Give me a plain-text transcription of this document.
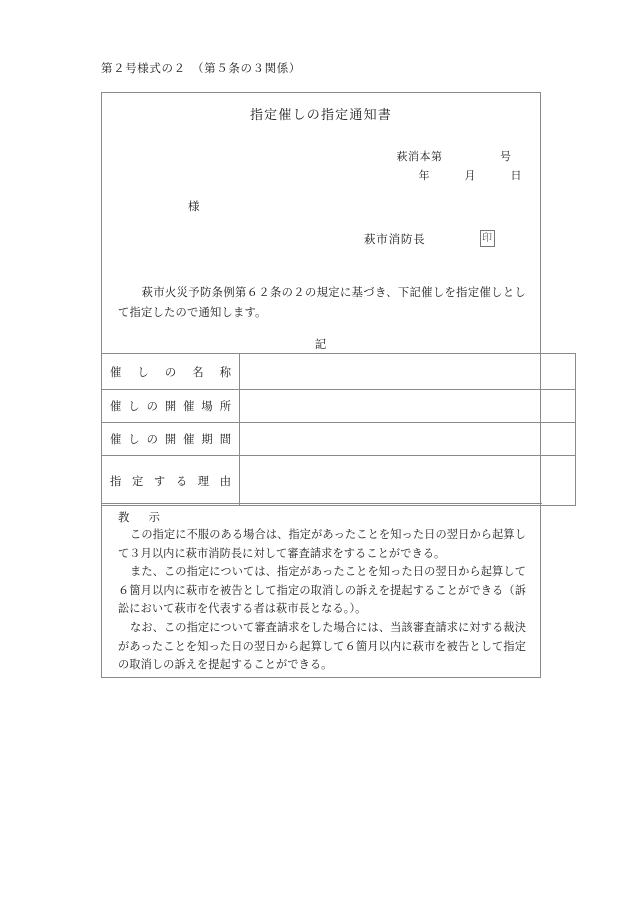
第２号様式の２　（第５条の３関係）
指定催しの指定通知書
萩消本第　　　　　号
年　　　月　　　日
様
萩市消防長	印
　萩市火災予防条例第６２条の２の規定に基づき、下記催しを指定催しとして指定したので通知します。
記
催しの名称	
催しの開催場所	
催しの開催期間	
指定する理由	
教　示

この指定に不服のある場合は、指定があったことを知った日の翌日から起算して３月以内に萩市消防長に対して審査請求をすることができる。

また、この指定については、指定があったことを知った日の翌日から起算して６箇月以内に萩市を被告として指定の取消しの訴えを提起することができる（訴訟において萩市を代表する者は萩市長となる。）。

なお、この指定について審査請求をした場合には、当該審査請求に対する裁決があったことを知った日の翌日から起算して６箇月以内に萩市を被告として指定の取消しの訴えを提起することができる。
